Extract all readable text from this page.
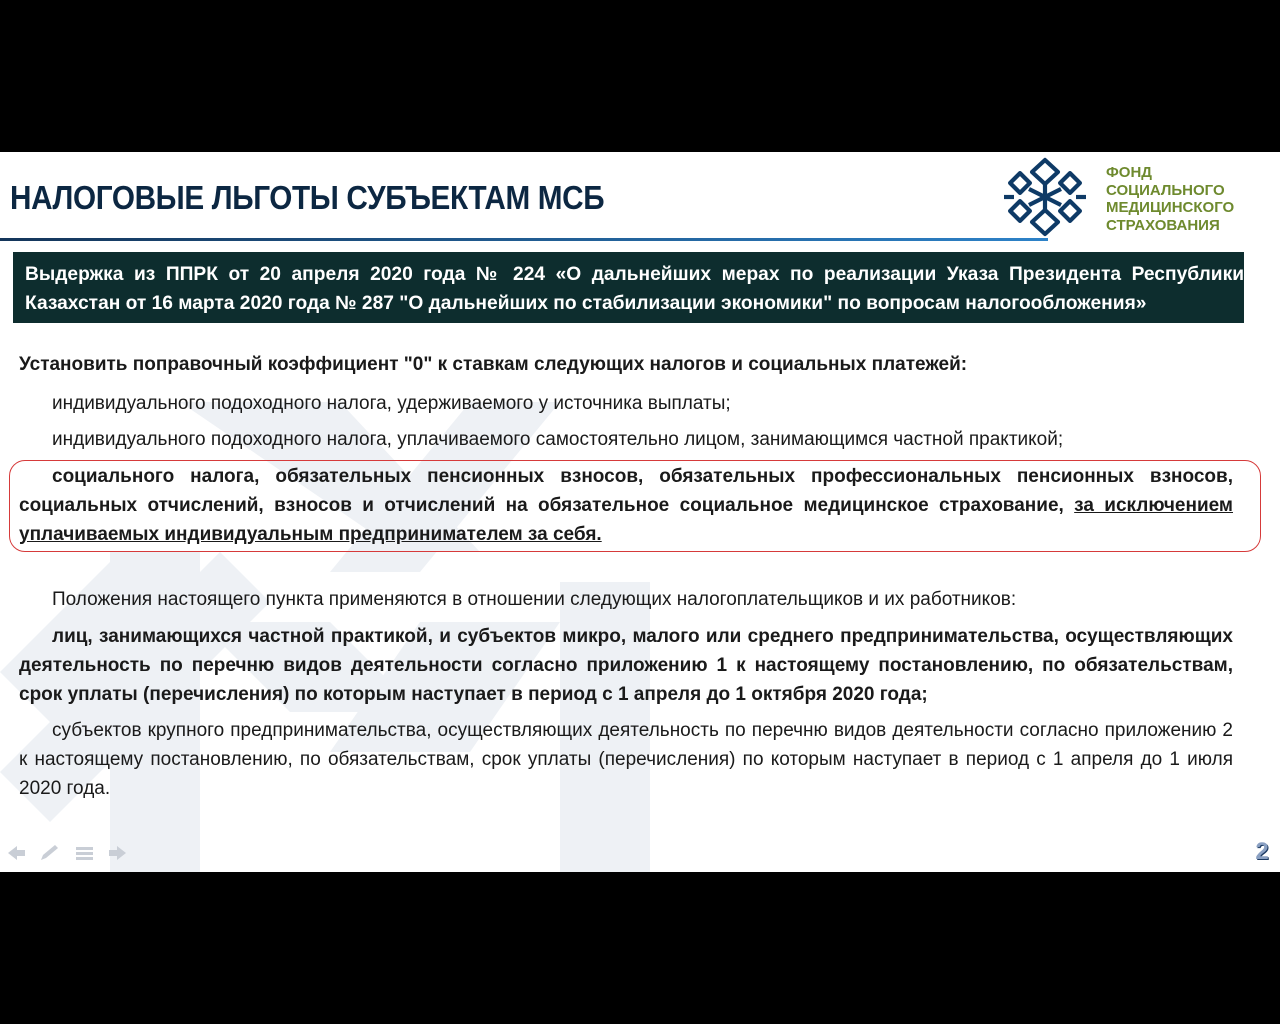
НАЛОГОВЫЕ ЛЬГОТЫ СУБЪЕКТАМ МСБ
ФОНД
СОЦИАЛЬНОГО
МЕДИЦИНСКОГО
СТРАХОВАНИЯ
Выдержка из ППРК от 20 апреля 2020 года № 224 «О дальнейших мерах по реализации Указа Президента Республики Казахстан от 16 марта 2020 года № 287 "О дальнейших по стабилизации экономики" по вопросам налогообложения»
Установить поправочный коэффициент "0" к ставкам следующих налогов и социальных платежей:
индивидуального подоходного налога, удерживаемого у источника выплаты;
индивидуального подоходного налога, уплачиваемого самостоятельно лицом, занимающимся частной практикой;
социального налога, обязательных пенсионных взносов, обязательных профессиональных пенсионных взносов, социальных отчислений, взносов и отчислений на обязательное социальное медицинское страхование, за исключением уплачиваемых индивидуальным предпринимателем за себя.
Положения настоящего пункта применяются в отношении следующих налогоплательщиков и их работников:
лиц, занимающихся частной практикой, и субъектов микро, малого или среднего предпринимательства, осуществляющих деятельность по перечню видов деятельности согласно приложению 1 к настоящему постановлению, по обязательствам, срок уплаты (перечисления) по которым наступает в период с 1 апреля до 1 октября 2020 года;
субъектов крупного предпринимательства, осуществляющих деятельность по перечню видов деятельности согласно приложению 2 к настоящему постановлению, по обязательствам, срок уплаты (перечисления) по которым наступает в период с 1 апреля до 1 июля 2020 года.
2
